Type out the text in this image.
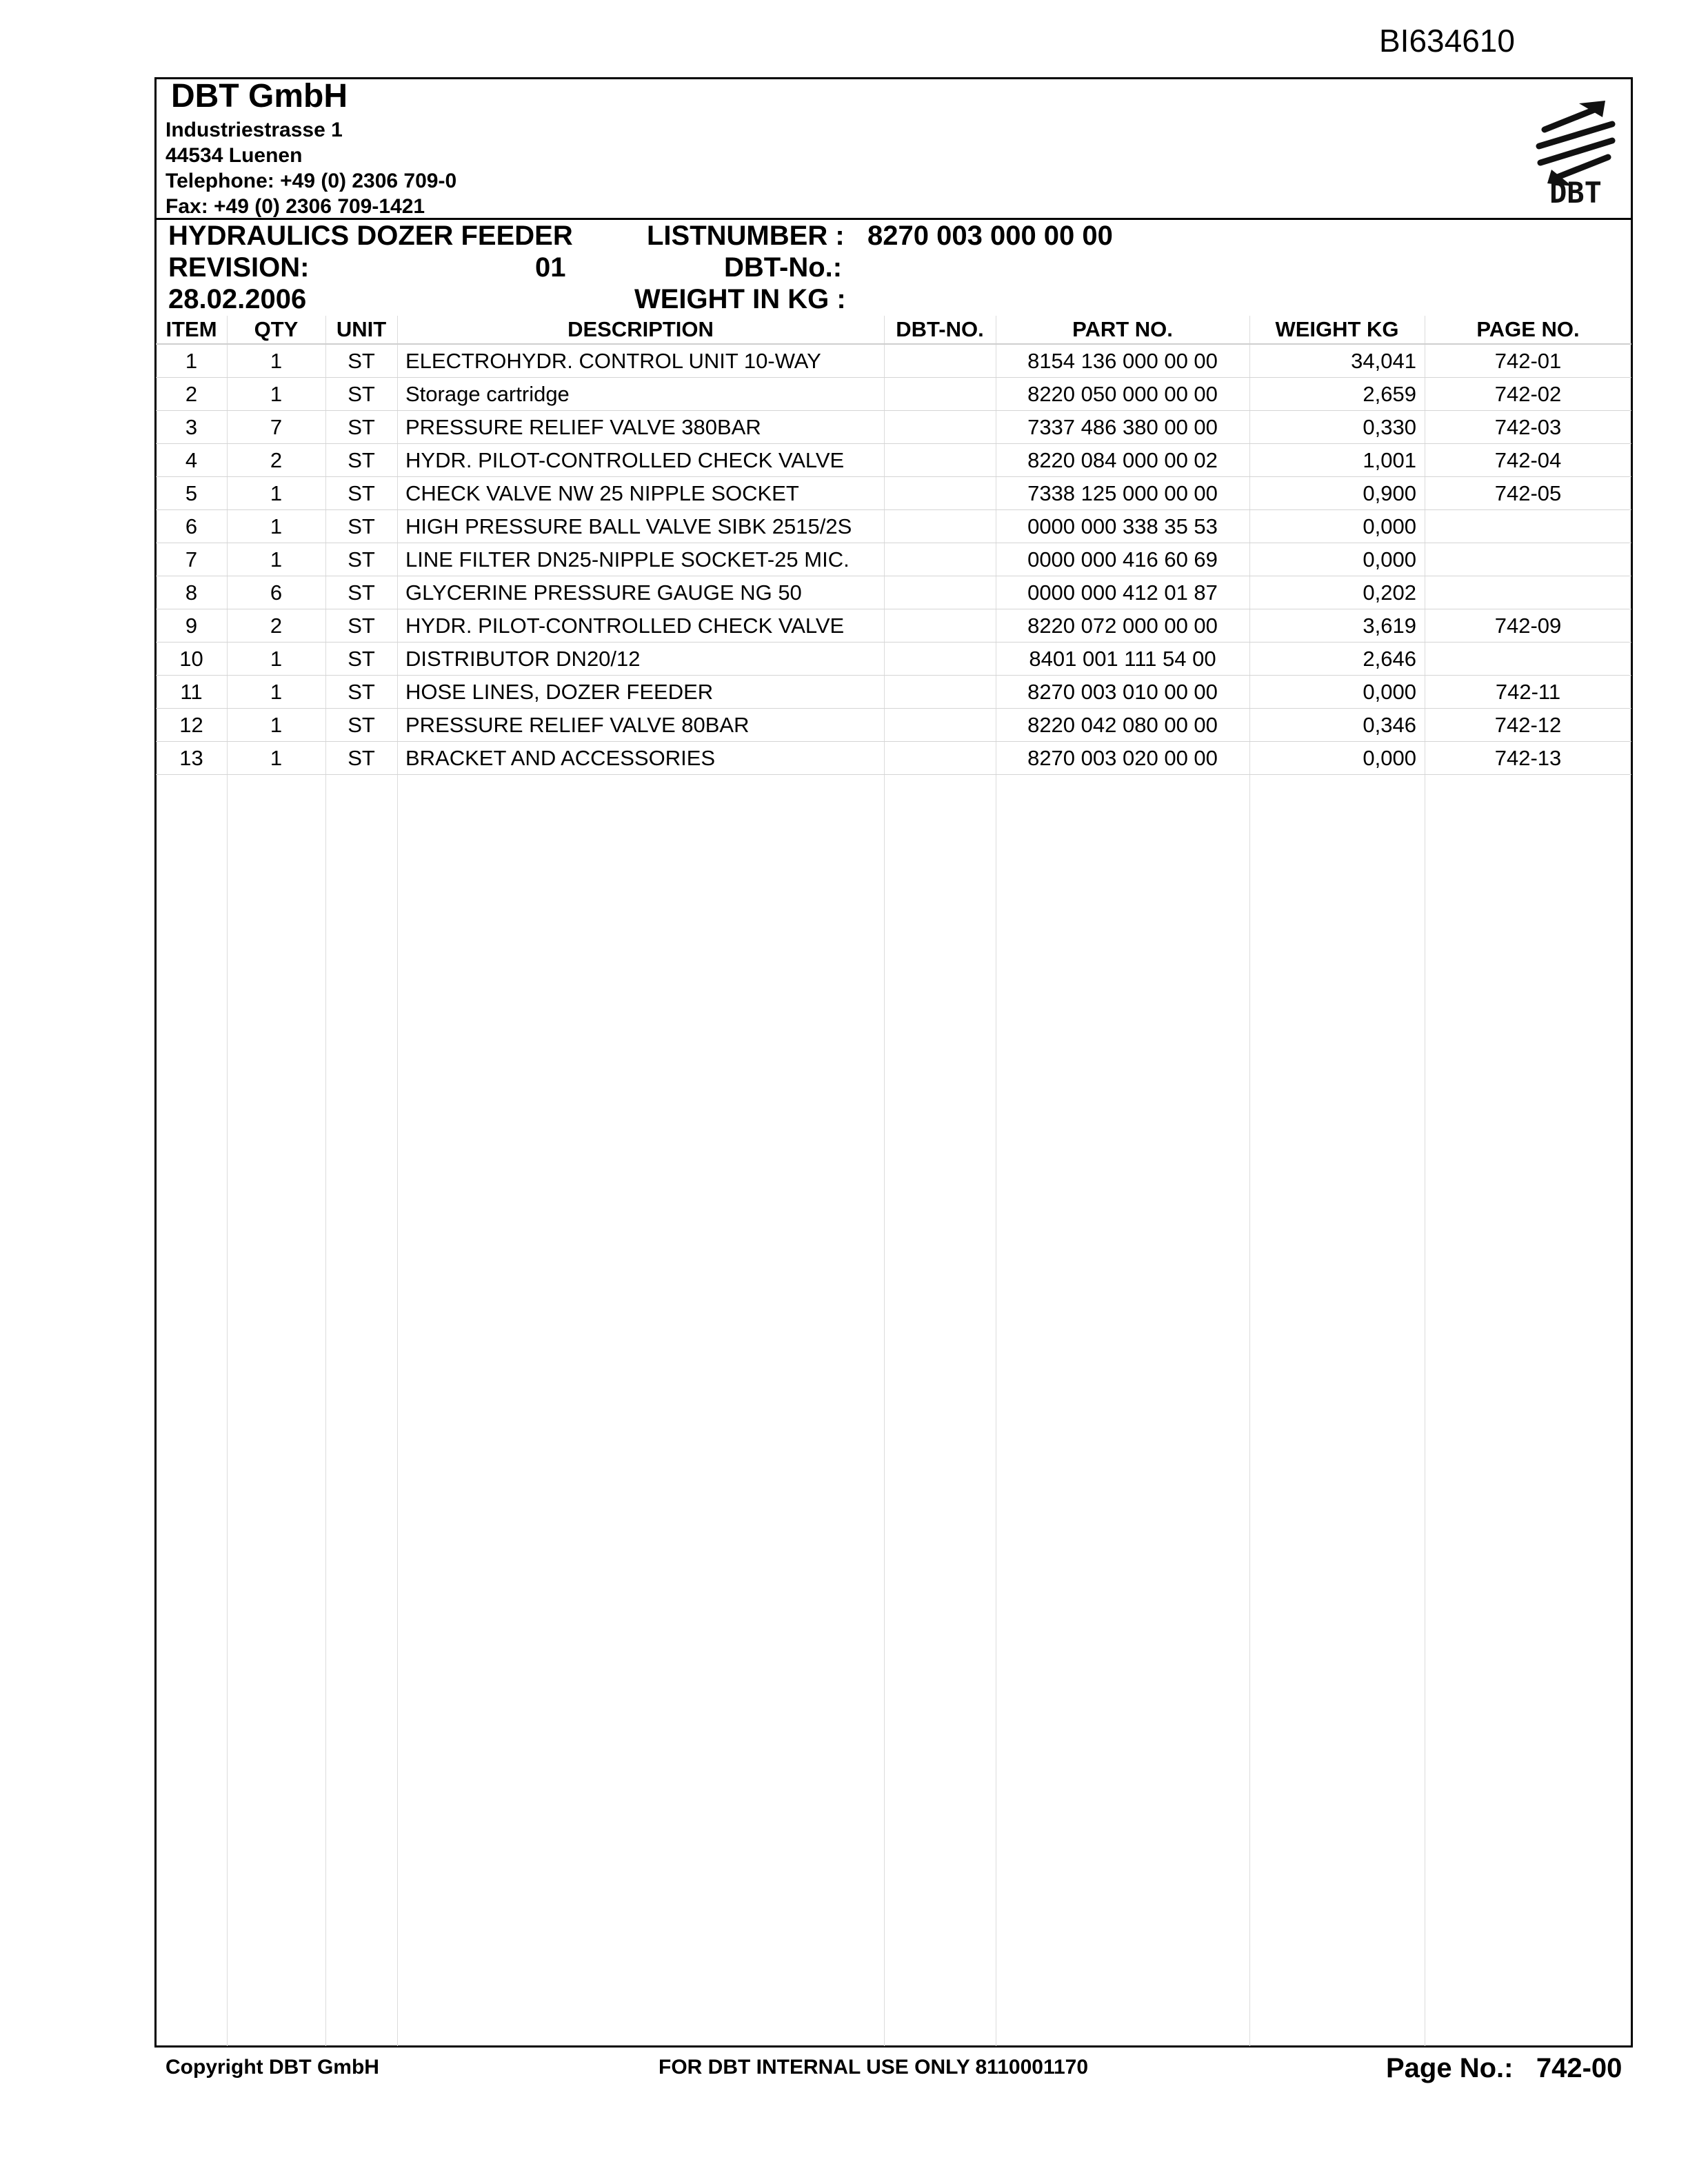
BI634610
DBT GmbH
Industriestrasse 1
44534 Luenen
Telephone: +49 (0) 2306 709-0
Fax: +49 (0) 2306 709-1421	DBT
HYDRAULICS DOZER FEEDER	LISTNUMBER : 8270 003 000 00 00
REVISION:	01	DBT-No.:
28.02.2006	WEIGHT IN KG :
ITEM	QTY	UNIT	DESCRIPTION	DBT-NO.	PART NO.	WEIGHT KG	PAGE NO.
1	1	ST	ELECTROHYDR. CONTROL UNIT 10-WAY		8154 136 000 00 00	34,041	742-01
2	1	ST	Storage cartridge		8220 050 000 00 00	2,659	742-02
3	7	ST	PRESSURE RELIEF VALVE 380BAR		7337 486 380 00 00	0,330	742-03
4	2	ST	HYDR. PILOT-CONTROLLED CHECK VALVE		8220 084 000 00 02	1,001	742-04
5	1	ST	CHECK VALVE NW 25 NIPPLE SOCKET		7338 125 000 00 00	0,900	742-05
6	1	ST	HIGH PRESSURE BALL VALVE SIBK 2515/2S		0000 000 338 35 53	0,000	
7	1	ST	LINE FILTER DN25-NIPPLE SOCKET-25 MIC.		0000 000 416 60 69	0,000	
8	6	ST	GLYCERINE PRESSURE GAUGE NG 50		0000 000 412 01 87	0,202	
9	2	ST	HYDR. PILOT-CONTROLLED CHECK VALVE		8220 072 000 00 00	3,619	742-09
10	1	ST	DISTRIBUTOR DN20/12		8401 001 111 54 00	2,646	
11	1	ST	HOSE LINES, DOZER FEEDER		8270 003 010 00 00	0,000	742-11
12	1	ST	PRESSURE RELIEF VALVE 80BAR		8220 042 080 00 00	0,346	742-12
13	1	ST	BRACKET AND ACCESSORIES		8270 003 020 00 00	0,000	742-13
Copyright DBT GmbH	FOR DBT INTERNAL USE ONLY 8110001170	Page No.: 742-00
